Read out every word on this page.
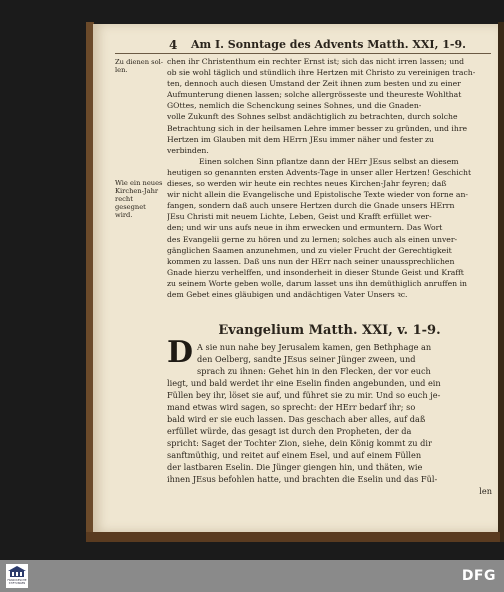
4 Am I. Sonntage des Advents Matth. XXI, 1-9.
Zu dienen sol- len.
Wie ein neues Kirchen-Jahr recht gesegnet wird.
chen ihr Christenthum ein rechter Ernst ist; sich das nicht irren lassen; und
ob sie wohl täglich und stündlich ihre Hertzen mit Christo zu vereinigen trach-
ten, dennoch auch diesen Umstand der Zeit ihnen zum besten und zu einer
Aufmunterung dienen lassen; solche allergrösseste und theureste Wohlthat
GOttes, nemlich die Schenckung seines Sohnes, und die Gnaden-
volle Zukunft des Sohnes selbst andächtiglich zu betrachten, durch solche
Betrachtung sich in der heilsamen Lehre immer besser zu gründen, und ihre
Hertzen im Glauben mit dem HErrn JEsu immer näher und fester zu
verbinden.
Einen solchen Sinn pflantze dann der HErr JEsus selbst an diesem
heutigen so genannten ersten Advents-Tage in unser aller Hertzen! Geschicht
dieses, so werden wir heute ein rechtes neues Kirchen-Jahr feyren; daß
wir nicht allein die Evangelische und Epistolische Texte wieder von forne an-
fangen, sondern daß auch unsere Hertzen durch die Gnade unsers HErrn
JEsu Christi mit neuem Lichte, Leben, Geist und Krafft erfüllet wer-
den; und wir uns aufs neue in ihm erwecken und ermuntern. Das Wort
des Evangelii gerne zu hören und zu lernen; solches auch als einen unver-
gänglichen Saamen anzunehmen, und zu vieler Frucht der Gerechtigkeit
kommen zu lassen. Daß uns nun der HErr nach seiner unaussprechlichen
Gnade hierzu verhelffen, und insonderheit in dieser Stunde Geist und Krafft
zu seinem Worte geben wolle, darum lasset uns ihn demüthiglich anruffen in
dem Gebet eines gläubigen und andächtigen Vater Unsers ꝛc.
Evangelium Matth. XXI, v. 1-9.
D A sie nun nahe bey Jerusalem kamen, gen Bethphage an
den Oelberg, sandte JEsus seiner Jünger zween, und
sprach zu ihnen: Gehet hin in den Flecken, der vor euch
liegt, und bald werdet ihr eine Eselin finden angebunden, und ein
Füllen bey ihr, löset sie auf, und führet sie zu mir. Und so euch je-
mand etwas wird sagen, so sprecht: der HErr bedarf ihr; so
bald wird er sie euch lassen. Das geschach aber alles, auf daß
erfüllet würde, das gesagt ist durch den Propheten, der da
spricht: Saget der Tochter Zion, siehe, dein König kommt zu dir
sanftmüthig, und reitet auf einem Esel, und auf einem Füllen
der lastbaren Eselin. Die Jünger giengen hin, und thäten, wie
ihnen JEsus befohlen hatte, und brachten die Eselin und das Fül-
len
FRANCKESCHE STIFTUNGEN	DFG
